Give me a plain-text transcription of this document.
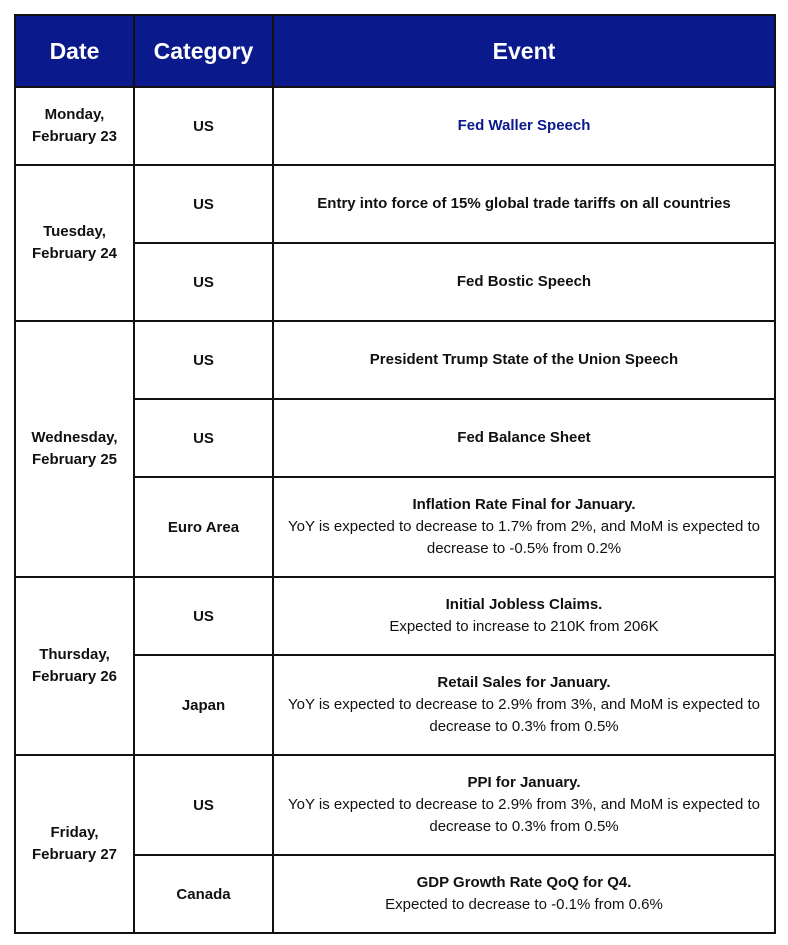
Date	Category	Event

Monday,
February 23	US	Fed Waller Speech

Tuesday,
February 24	US	Entry into force of 15% global trade tariffs on all countries

	US	Fed Bostic Speech

Wednesday,
February 25	US	President Trump State of the Union Speech

	US	Fed Balance Sheet

	Euro Area	Inflation Rate Final for January.
YoY is expected to decrease to 1.7% from 2%, and MoM is expected to decrease to -0.5% from 0.2%

Thursday,
February 26	US	Initial Jobless Claims.
Expected to increase to 210K from 206K

	Japan	Retail Sales for January.
YoY is expected to decrease to 2.9% from 3%, and MoM is expected to decrease to 0.3% from 0.5%

Friday,
February 27	US	PPI for January.
YoY is expected to decrease to 2.9% from 3%, and MoM is expected to decrease to 0.3% from 0.5%

	Canada	GDP Growth Rate QoQ for Q4.
Expected to decrease to -0.1% from 0.6%
